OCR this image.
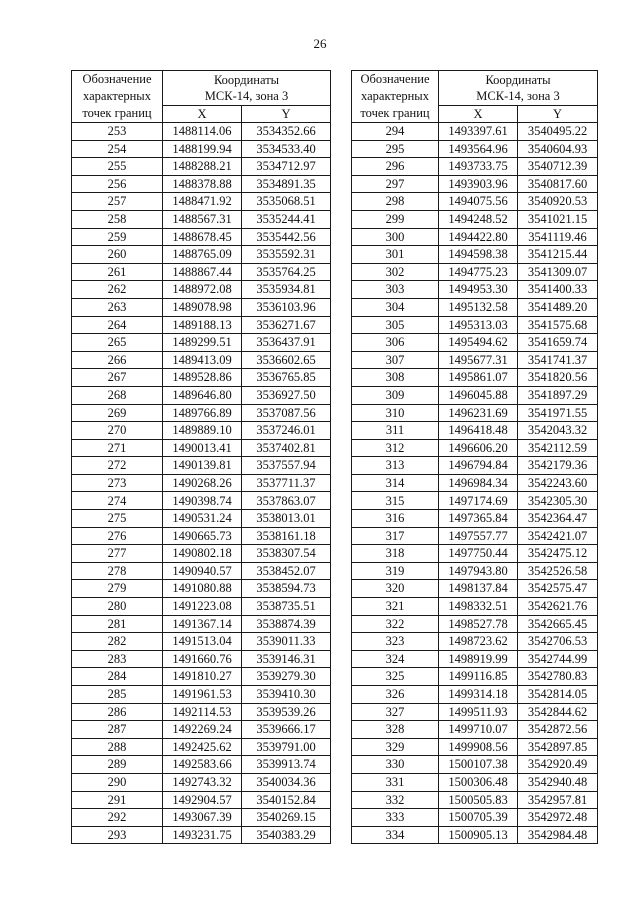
26
Обозначение
характерных
точек границ	Координаты
МСК-14, зона 3	
	X	Y
253	1488114.06	3534352.66
254	1488199.94	3534533.40
255	1488288.21	3534712.97
256	1488378.88	3534891.35
257	1488471.92	3535068.51
258	1488567.31	3535244.41
259	1488678.45	3535442.56
260	1488765.09	3535592.31
261	1488867.44	3535764.25
262	1488972.08	3535934.81
263	1489078.98	3536103.96
264	1489188.13	3536271.67
265	1489299.51	3536437.91
266	1489413.09	3536602.65
267	1489528.86	3536765.85
268	1489646.80	3536927.50
269	1489766.89	3537087.56
270	1489889.10	3537246.01
271	1490013.41	3537402.81
272	1490139.81	3537557.94
273	1490268.26	3537711.37
274	1490398.74	3537863.07
275	1490531.24	3538013.01
276	1490665.73	3538161.18
277	1490802.18	3538307.54
278	1490940.57	3538452.07
279	1491080.88	3538594.73
280	1491223.08	3538735.51
281	1491367.14	3538874.39
282	1491513.04	3539011.33
283	1491660.76	3539146.31
284	1491810.27	3539279.30
285	1491961.53	3539410.30
286	1492114.53	3539539.26
287	1492269.24	3539666.17
288	1492425.62	3539791.00
289	1492583.66	3539913.74
290	1492743.32	3540034.36
291	1492904.57	3540152.84
292	1493067.39	3540269.15
293	1493231.75	3540383.29
Обозначение
характерных
точек границ	Координаты
МСК-14, зона 3	
	X	Y
294	1493397.61	3540495.22
295	1493564.96	3540604.93
296	1493733.75	3540712.39
297	1493903.96	3540817.60
298	1494075.56	3540920.53
299	1494248.52	3541021.15
300	1494422.80	3541119.46
301	1494598.38	3541215.44
302	1494775.23	3541309.07
303	1494953.30	3541400.33
304	1495132.58	3541489.20
305	1495313.03	3541575.68
306	1495494.62	3541659.74
307	1495677.31	3541741.37
308	1495861.07	3541820.56
309	1496045.88	3541897.29
310	1496231.69	3541971.55
311	1496418.48	3542043.32
312	1496606.20	3542112.59
313	1496794.84	3542179.36
314	1496984.34	3542243.60
315	1497174.69	3542305.30
316	1497365.84	3542364.47
317	1497557.77	3542421.07
318	1497750.44	3542475.12
319	1497943.80	3542526.58
320	1498137.84	3542575.47
321	1498332.51	3542621.76
322	1498527.78	3542665.45
323	1498723.62	3542706.53
324	1498919.99	3542744.99
325	1499116.85	3542780.83
326	1499314.18	3542814.05
327	1499511.93	3542844.62
328	1499710.07	3542872.56
329	1499908.56	3542897.85
330	1500107.38	3542920.49
331	1500306.48	3542940.48
332	1500505.83	3542957.81
333	1500705.39	3542972.48
334	1500905.13	3542984.48
